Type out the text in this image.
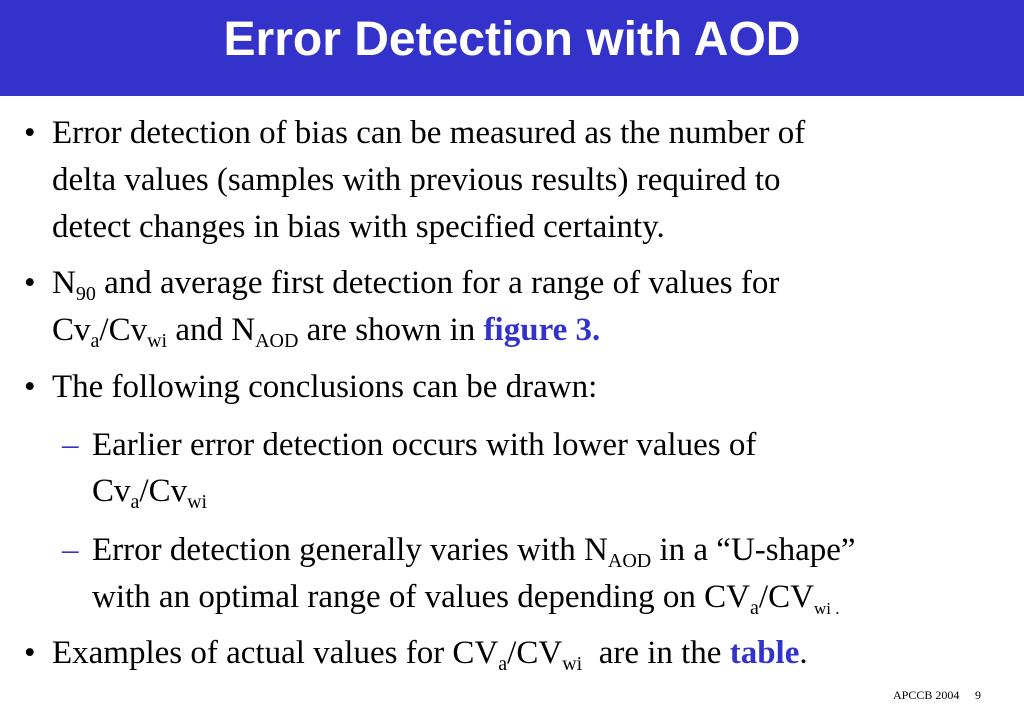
Error Detection with AOD
• Error detection of bias can be measured as the number of
delta values (samples with previous results) required to
detect changes in bias with specified certainty.
• $N_{90}$ and average first detection for a range of values for
$Cv_a/Cv_{wi}$ and $N_{AOD}$ are shown in figure 3.
• The following conclusions can be drawn:
– Earlier error detection occurs with lower values of
$Cv_a/Cv_{wi}$
– Error detection generally varies with $N_{AOD}$ in a “U-shape”
with an optimal range of values depending on $CV_a/CV_{wi .}$
• Examples of actual values for $CV_a/CV_{wi}$  are in the table.
APCCB 2004 9
